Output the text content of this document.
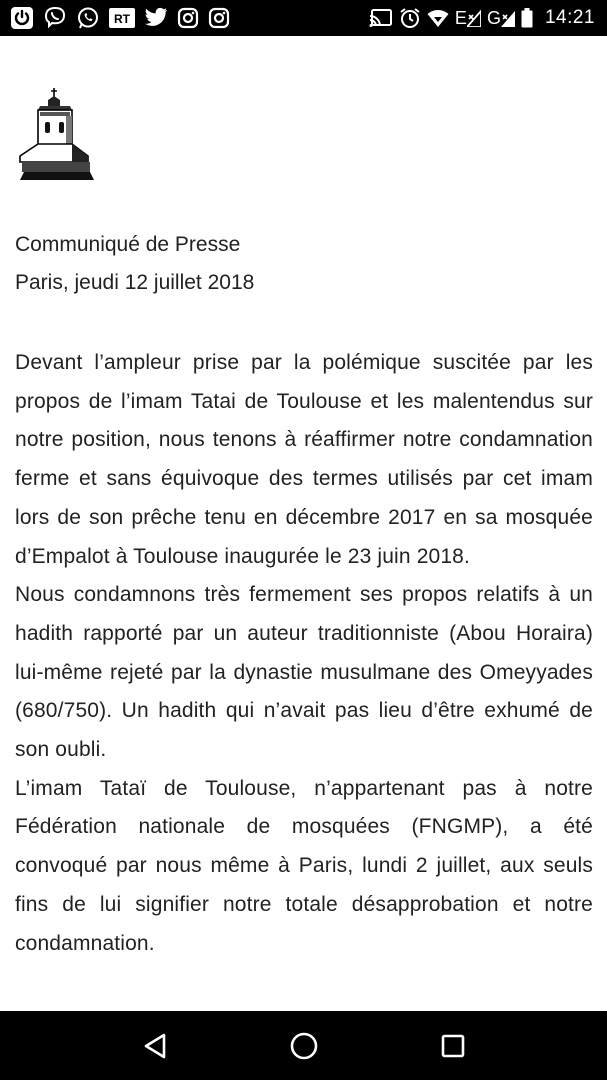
RT	E G 14:21

Communiqué de Presse

Paris, jeudi 12 juillet 2018

Devant l’ampleur prise par la polémique suscitée par les propos de l’imam Tatai de Toulouse et les malentendus sur notre position, nous tenons à réaffirmer notre condamnation ferme et sans équivoque des termes utilisés par cet imam lors de son prêche tenu en décembre 2017 en sa mosquée d’Empalot à Toulouse inaugurée le 23 juin 2018.

Nous condamnons très fermement ses propos relatifs à un hadith rapporté par un auteur traditionniste (Abou Horaira) lui-même rejeté par la dynastie musulmane des Omeyyades (680/750). Un hadith qui n’avait pas lieu d’être exhumé de son oubli.

L’imam Tataï de Toulouse, n’appartenant pas à notre Fédération nationale de mosquées (FNGMP), a été convoqué par nous même à Paris, lundi 2 juillet, aux seuls fins de lui signifier notre totale désapprobation et notre condamnation.
